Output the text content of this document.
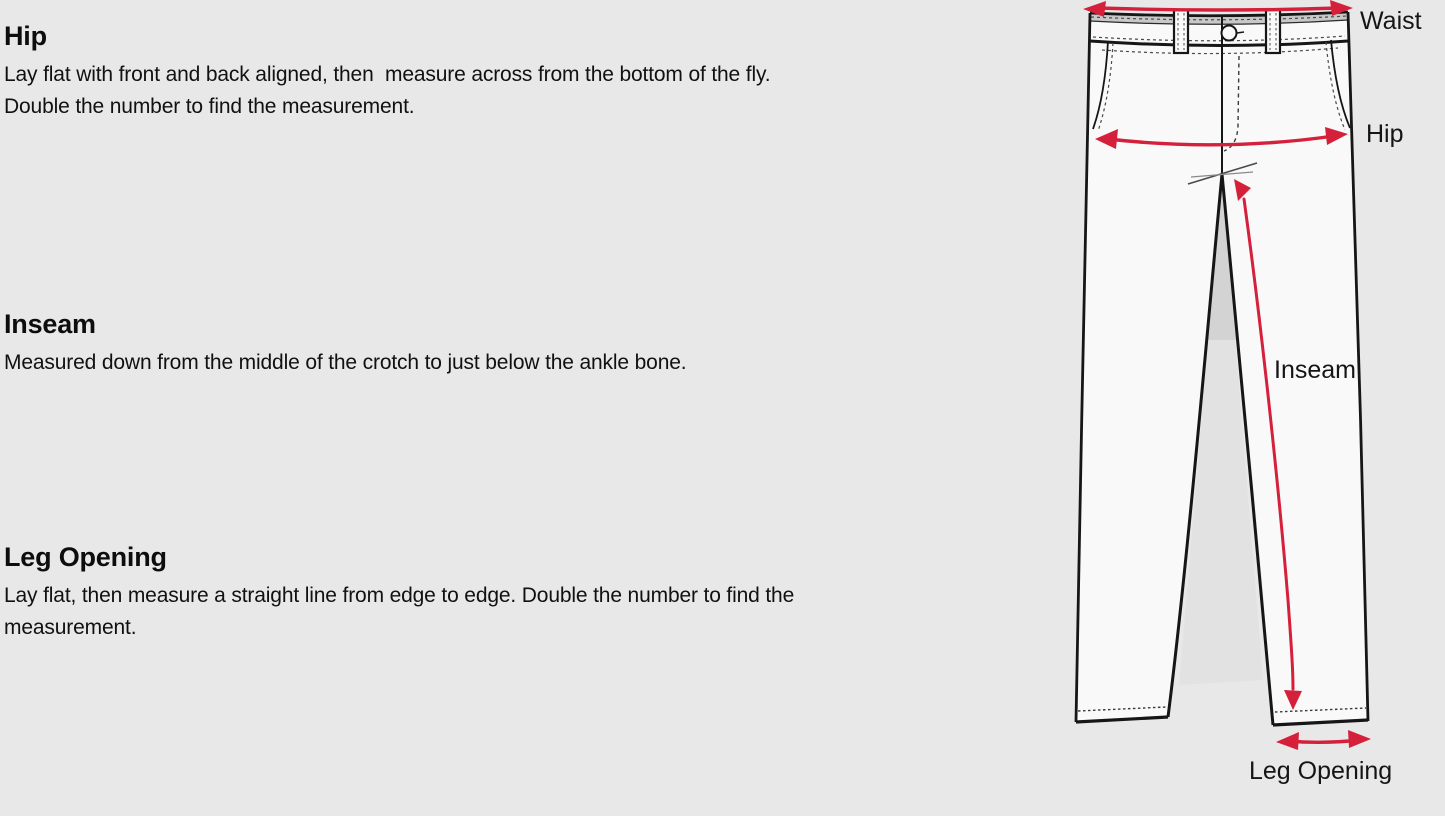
Hip
Lay flat with front and back aligned, then  measure across from the bottom of the fly.
Double the number to find the measurement.
Inseam
Measured down from the middle of the crotch to just below the ankle bone.
Leg Opening
Lay flat, then measure a straight line from edge to edge. Double the number to find the
measurement.
Waist
Hip
Inseam
Leg Opening
